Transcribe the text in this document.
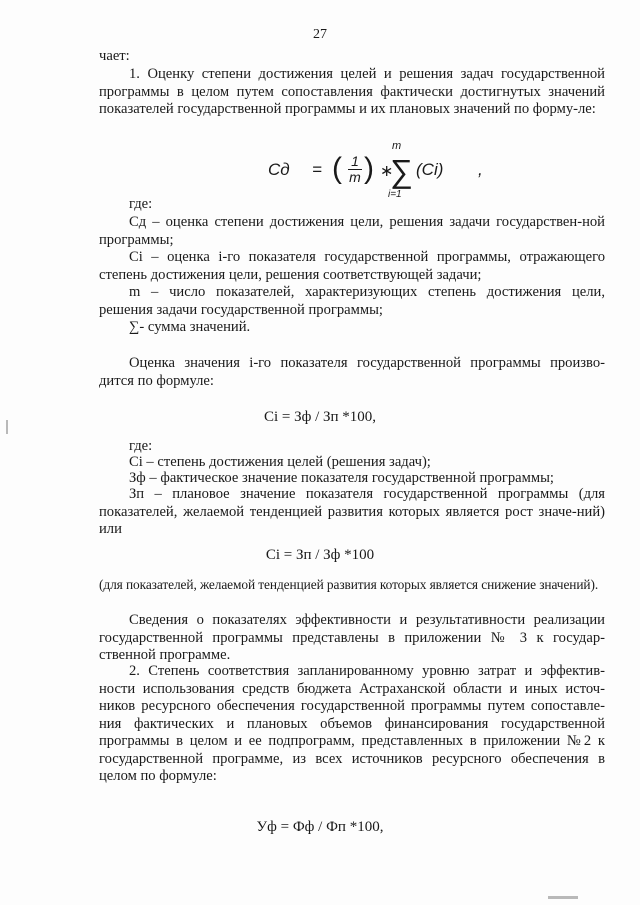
27
чает:
1. Оценку степени достижения целей и решения задач государственной программы в целом путем сопоставления фактически достигнутых значений показателей государственной программы и их плановых значений по форму-ле:
Сд = ( 1
m ) ∗
m
∑
i=1
(Ci) ,
где:
Сд – оценка степени достижения цели, решения задачи государствен-ной программы;
Сi – оценка i-го показателя государственной программы, отражающего степень достижения цели, решения соответствующей задачи;
m – число показателей, характеризующих степень достижения цели, решения задачи государственной программы;
∑- сумма значений.
Оценка значения i-го показателя государственной программы произво-дится по формуле:
Сi = Зф / Зп *100,
где:
Сi – степень достижения целей (решения задач);
Зф – фактическое значение показателя государственной программы;
Зп – плановое значение показателя государственной программы (для показателей, желаемой тенденцией развития которых является рост значе-ний) или
Сi = Зп / Зф *100
(для показателей, желаемой тенденцией развития которых является снижение значений).
Сведения о показателях эффективности и результативности реализации государственной программы представлены в приложении № 3 к государ-ственной программе.
2. Степень соответствия запланированному уровню затрат и эффектив-ности использования средств бюджета Астраханской области и иных источ-ников ресурсного обеспечения государственной программы путем сопоставле-ния фактических и плановых объемов финансирования государственной программы в целом и ее подпрограмм, представленных в приложении №2 к государственной программе, из всех источников ресурсного обеспечения в целом по формуле:
Уф = Фф / Фп *100,
